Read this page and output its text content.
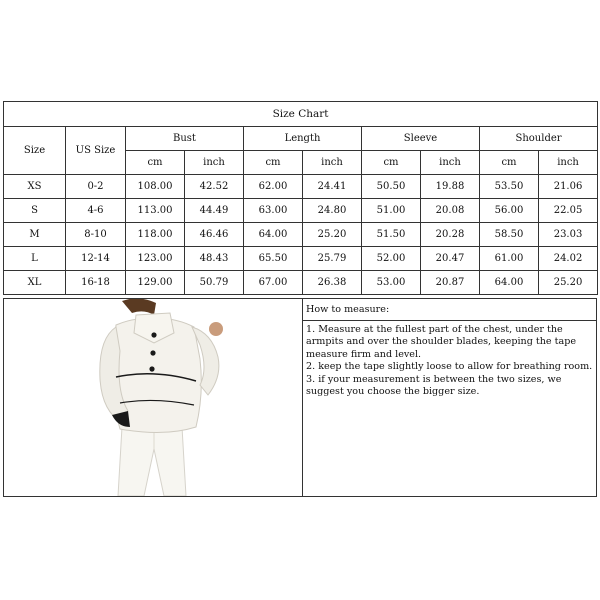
Size Chart									
Size	US Size	Bust		Length		Sleeve		Shoulder	
		cm	inch	cm	inch	cm	inch	cm	inch
XS	0-2	108.00	42.52	62.00	24.41	50.50	19.88	53.50	21.06
S	4-6	113.00	44.49	63.00	24.80	51.00	20.08	56.00	22.05
M	8-10	118.00	46.46	64.00	25.20	51.50	20.28	58.50	23.03
L	12-14	123.00	48.43	65.50	25.79	52.00	20.47	61.00	24.02
XL	16-18	129.00	50.79	67.00	26.38	53.00	20.87	64.00	25.20
How to measure:

1. Measure at the fullest part of the chest, under the armpits and over the shoulder blades, keeping the tape measure firm and level.

2. keep the tape slightly loose to allow for breathing room.

3. if your measurement is between the two sizes, we suggest you choose the bigger size.
